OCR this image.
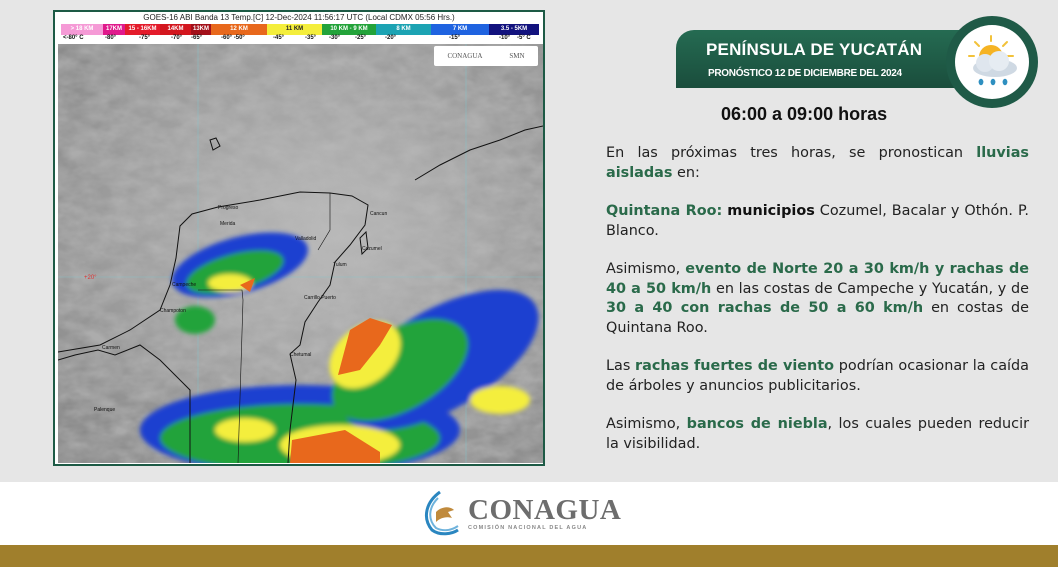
GOES-16 ABI Banda 13 Temp.[C] 12-Dec-2024 11:56:17 UTC (Local CDMX 05:56 Hrs.)
> 18 KM	17KM	15 - 16KM	14KM	13KM	12 KM	11 KM	10 KM - 9 KM	8 KM	7 KM	3.5 - 5KM
<-80° C	-80°	-75°	-70° -65°	-60° -50°	-45°	-35° -30° -25°	-20°	-15°	-10° -5° C
Progreso
Merida
Valladolid
Cancun
Cozumel
Tulum
Campeche
Champoton
Carrillo Puerto
Chetumal
Carmen
Palenque
+20°
CONAGUA	SMN	PENÍNSULA DE YUCATÁN
PRONÓSTICO 12 DE DICIEMBRE DEL 2024
06:00 a 09:00 horas

En las próximas tres horas, se pronostican lluvias aisladas en:

Quintana Roo: municipios Cozumel, Bacalar y Othón. P. Blanco.

Asimismo, evento de Norte 20 a 30 km/h y rachas de 40 a 50 km/h en las costas de Campeche y Yucatán, y de 30 a 40 con rachas de 50 a 60 km/h en costas de Quintana Roo.

Las rachas fuertes de viento podrían ocasionar la caída de árboles y anuncios publicitarios.

Asimismo, bancos de niebla, los cuales pueden reducir la visibilidad.

CONAGUA
COMISIÓN NACIONAL DEL AGUA
